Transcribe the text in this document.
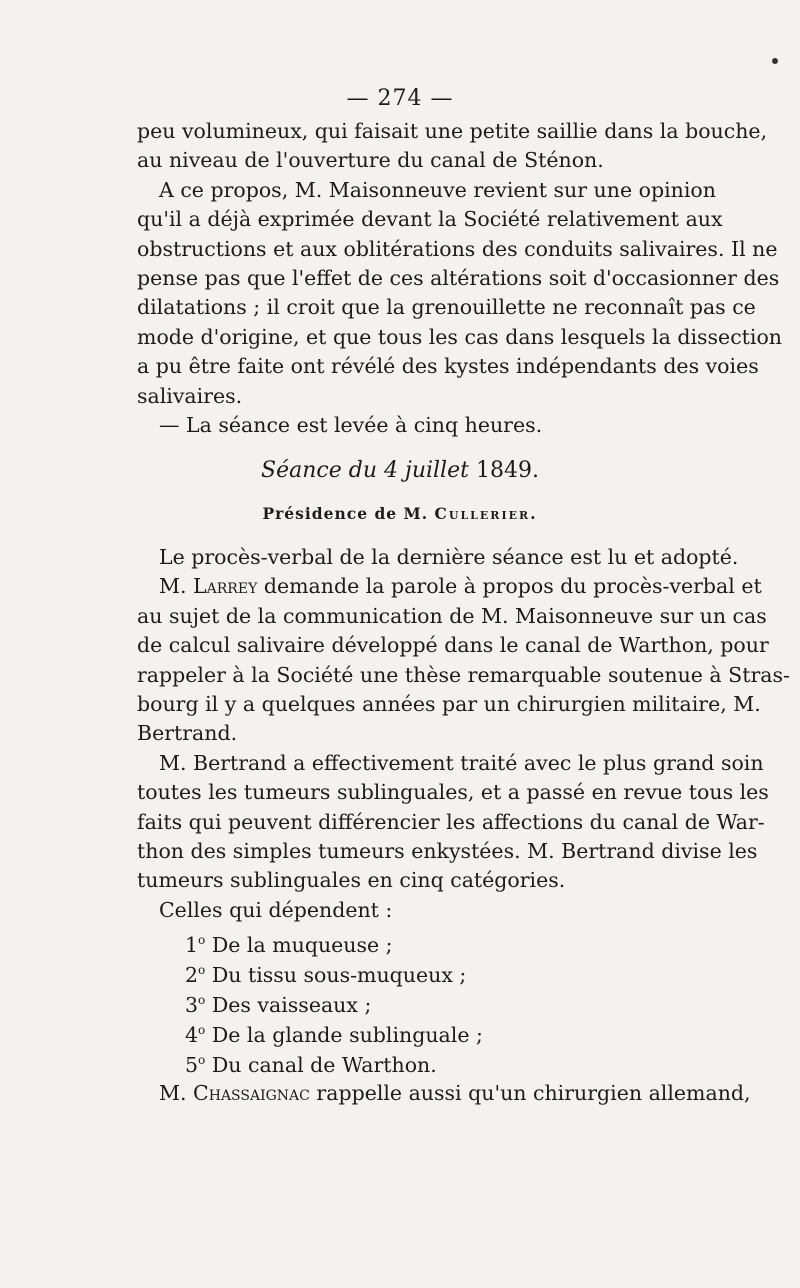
— 274 —
peu volumineux, qui faisait une petite saillie dans la bouche,
au niveau de l'ouverture du canal de Sténon.
A ce propos, M. Maisonneuve revient sur une opinion
qu'il a déjà exprimée devant la Société relativement aux
obstructions et aux oblitérations des conduits salivaires. Il ne
pense pas que l'effet de ces altérations soit d'occasionner des
dilatations ; il croit que la grenouillette ne reconnaît pas ce
mode d'origine, et que tous les cas dans lesquels la dissection
a pu être faite ont révélé des kystes indépendants des voies
salivaires.
— La séance est levée à cinq heures.
Séance du 4 juillet 1849.
Présidence de M. Cullerier.
Le procès-verbal de la dernière séance est lu et adopté.
M. Larrey demande la parole à propos du procès-verbal et
au sujet de la communication de M. Maisonneuve sur un cas
de calcul salivaire développé dans le canal de Warthon, pour
rappeler à la Société une thèse remarquable soutenue à Stras-
bourg il y a quelques années par un chirurgien militaire, M.
Bertrand.
M. Bertrand a effectivement traité avec le plus grand soin
toutes les tumeurs sublinguales, et a passé en revue tous les
faits qui peuvent différencier les affections du canal de War-
thon des simples tumeurs enkystées. M. Bertrand divise les
tumeurs sublinguales en cinq catégories.
Celles qui dépendent :
1$^o$ De la muqueuse ;
2$^o$ Du tissu sous-muqueux ;
3$^o$ Des vaisseaux ;
4$^o$ De la glande sublinguale ;
5$^o$ Du canal de Warthon.
M. Chassaignac rappelle aussi qu'un chirurgien allemand,
